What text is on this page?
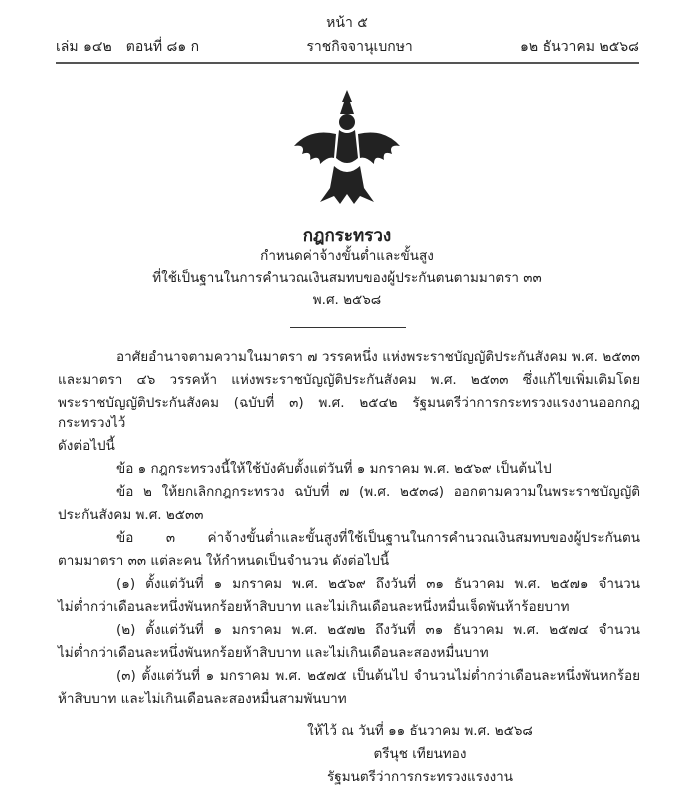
หน้า ๕
เล่ม ๑๔๒ ตอนที่ ๘๑ ก	ราชกิจจานุเบกษา	๑๒ ธันวาคม ๒๕๖๘
กฎกระทรวง
กำหนดค่าจ้างขั้นต่ำและขั้นสูง
ที่ใช้เป็นฐานในการคำนวณเงินสมทบของผู้ประกันตนตามมาตรา ๓๓
พ.ศ. ๒๕๖๘
อาศัยอำนาจตามความในมาตรา ๗ วรรคหนึ่ง แห่งพระราชบัญญัติประกันสังคม พ.ศ. ๒๕๓๓
และมาตรา ๔๖ วรรคห้า แห่งพระราชบัญญัติประกันสังคม พ.ศ. ๒๕๓๓ ซึ่งแก้ไขเพิ่มเติมโดย
พระราชบัญญัติประกันสังคม (ฉบับที่ ๓) พ.ศ. ๒๕๔๒ รัฐมนตรีว่าการกระทรวงแรงงานออกกฎกระทรวงไว้
ดังต่อไปนี้
ข้อ ๑ กฎกระทรวงนี้ให้ใช้บังคับตั้งแต่วันที่ ๑ มกราคม พ.ศ. ๒๕๖๙ เป็นต้นไป
ข้อ ๒ ให้ยกเลิกกฎกระทรวง ฉบับที่ ๗ (พ.ศ. ๒๕๓๘) ออกตามความในพระราชบัญญัติ
ประกันสังคม พ.ศ. ๒๕๓๓
ข้อ ๓ ค่าจ้างขั้นต่ำและขั้นสูงที่ใช้เป็นฐานในการคำนวณเงินสมทบของผู้ประกันตน
ตามมาตรา ๓๓ แต่ละคน ให้กำหนดเป็นจำนวน ดังต่อไปนี้
(๑) ตั้งแต่วันที่ ๑ มกราคม พ.ศ. ๒๕๖๙ ถึงวันที่ ๓๑ ธันวาคม พ.ศ. ๒๕๗๑ จำนวน
ไม่ต่ำกว่าเดือนละหนึ่งพันหกร้อยห้าสิบบาท และไม่เกินเดือนละหนึ่งหมื่นเจ็ดพันห้าร้อยบาท
(๒) ตั้งแต่วันที่ ๑ มกราคม พ.ศ. ๒๕๗๒ ถึงวันที่ ๓๑ ธันวาคม พ.ศ. ๒๕๗๔ จำนวน
ไม่ต่ำกว่าเดือนละหนึ่งพันหกร้อยห้าสิบบาท และไม่เกินเดือนละสองหมื่นบาท
(๓) ตั้งแต่วันที่ ๑ มกราคม พ.ศ. ๒๕๗๕ เป็นต้นไป จำนวนไม่ต่ำกว่าเดือนละหนึ่งพันหกร้อย
ห้าสิบบาท และไม่เกินเดือนละสองหมื่นสามพันบาท
ให้ไว้ ณ วันที่ ๑๑ ธันวาคม พ.ศ. ๒๕๖๘
ตรีนุช เทียนทอง
รัฐมนตรีว่าการกระทรวงแรงงาน
